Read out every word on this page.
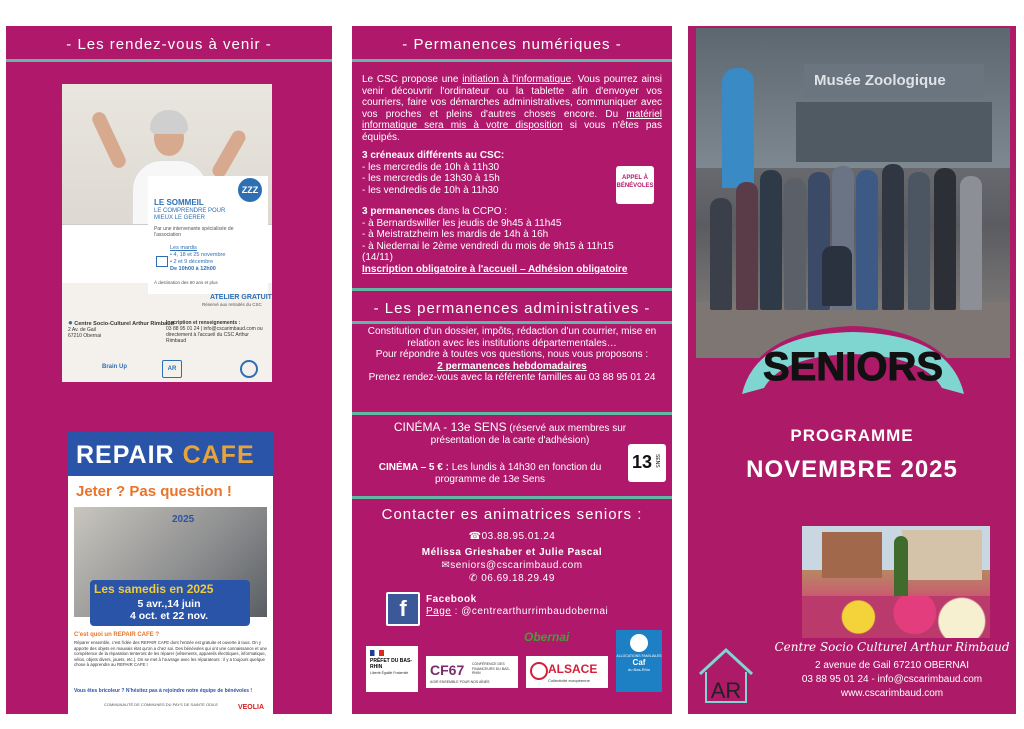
- Les rendez-vous à venir -
ZZZ
LE SOMMEIL
LE COMPRENDRE POUR MIEUX LE GERER
Par une intervenante spécialisée de l'association
Les mardis
• 4, 18 et 25 novembre
• 2 et 9 décembre
De 10h00 à 12h00
À destination des 60 ans et plus
ATELIER GRATUIT
Réservé aux retraités du CSC
● Centre Socio-Culturel Arthur Rimbaud
2 Av. de Gail
67210 Obernai
Inscription et renseignements :
03 88 95 01 24 | info@cscarimbaud.com ou directement à l'accueil du CSC Arthur Rimbaud
Brain Up	AR
REPAIR CAFE
Jeter ? Pas question !
2025
Les samedis en 2025
5 avr.,14 juin
4 oct. et 22 nov.
C'est quoi un REPAIR CAFE ?
Réparer ensemble, c'est l'idée des REPAIR CAFE dont l'entrée est gratuite et ouverte à tous. On y apporte des objets en mauvais état qu'on a chez soi. Des bénévoles qui ont une connaissance et une compétence de la réparation tenteront de les réparer (vêtements, appareils électriques, informatique, vélos, objets divers, jouets, etc.). On se met à l'ouvrage avec les réparateurs : il y a toujours quelque chose à apprendre au REPAIR CAFE !
Vous êtes bricoleur ? N'hésitez pas à rejoindre notre équipe de bénévoles !
COMMUNAUTÉ DE COMMUNES DU PAYS DE SAINTE ODILE	VEOLIA
- Permanences numériques -
Le CSC propose une initiation à l'informatique. Vous pourrez ainsi venir découvrir l'ordinateur ou la tablette afin d'envoyer vos courriers, faire vos démarches administratives, communiquer avec vos proches et pleins d'autres choses encore. Du matériel informatique sera mis à votre disposition si vous n'êtes pas équipés.
3 créneaux différents au CSC:
- les mercredis de 10h à 11h30
- les mercredis de 13h30 à 15h
- les vendredis de 10h à 11h30
APPEL À BÉNÉVOLES
3 permanences dans la CCPO :
- à Bernardswiller les jeudis de 9h45 à 11h45
- à Meistratzheim les mardis de 14h à 16h
- à Niedernai le 2ème vendredi du mois de 9h15 à 11h15
(14/11)
Inscription obligatoire à l'accueil – Adhésion obligatoire
- Les permanences administratives -
Constitution d'un dossier, impôts, rédaction d'un courrier, mise en relation avec les institutions départementales…
Pour répondre à toutes vos questions, nous vous proposons :
2 permanences hebdomadaires
Prenez rendez-vous avec la référente familles au 03 88 95 01 24
CINÉMA - 13e SENS (réservé aux membres sur présentation de la carte d'adhésion)
CINÉMA – 5 € : Les lundis à 14h30 en fonction du programme de 13e Sens
13 SENS
Contacter es animatrices seniors :
☎03.88.95.01.24
Mélissa Grieshaber et Julie Pascal
✉seniors@cscarimbaud.com
✆ 06.69.18.29.49
f	Facebook
Page : @centrearthurrimbaudobernai
Obernai
PRÉFET DU BAS-RHIN
Liberté Égalité Fraternité	CF67 CONFÉRENCE DES FINANCEURS DU BAS-RHIN
AGIR ENSEMBLE POUR NOS AÎNÉS
ALSACE
Collectivité européenne
ALLOCATIONS FAMILIALES
Caf
du Bas-Rhin
Musée Zoologique
SENIORS
PROGRAMME
NOVEMBRE 2025
AR
Centre Socio Culturel Arthur Rimbaud
2 avenue de Gail 67210 OBERNAI
03 88 95 01 24 - info@cscarimbaud.com
www.cscarimbaud.com
